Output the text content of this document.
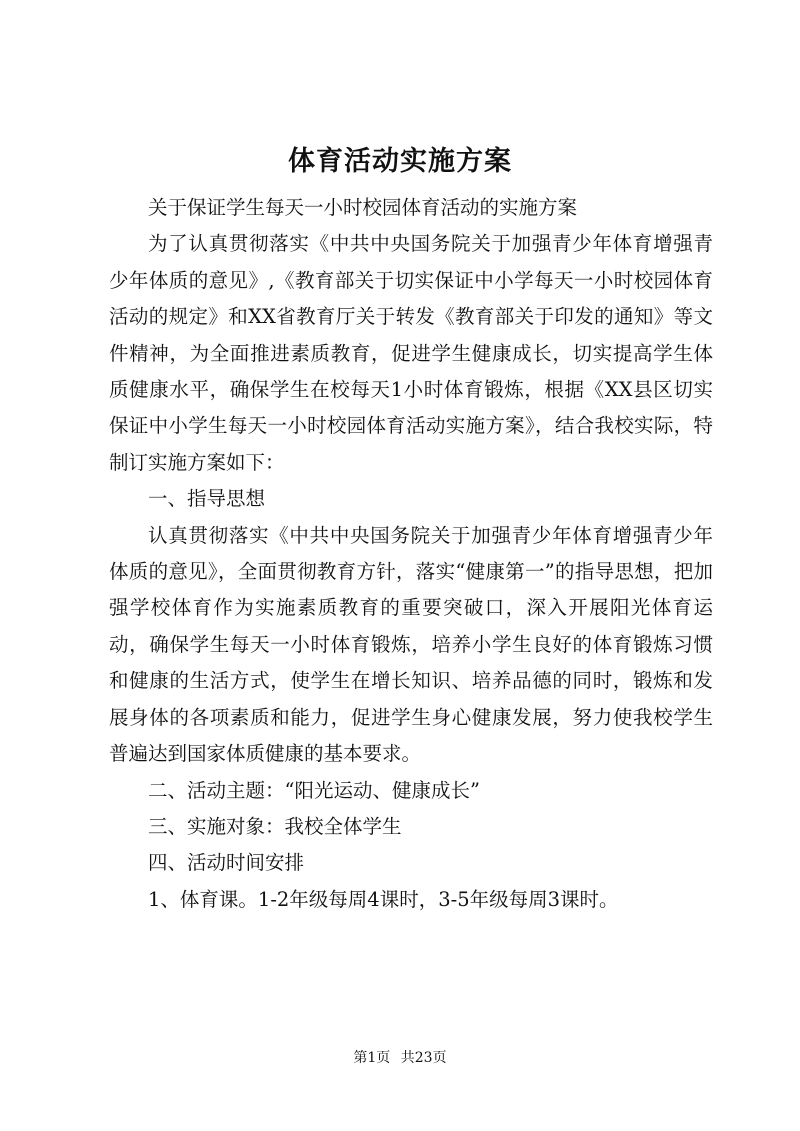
体育活动实施方案

关于保证学生每天一小时校园体育活动的实施方案

为了认真贯彻落实《中共中央国务院关于加强青少年体育增强青少年体质的意见》,《教育部关于切实保证中小学每天一小时校园体育活动的规定》和XX省教育厅关于转发《教育部关于印发的通知》等文件精神，为全面推进素质教育，促进学生健康成长，切实提高学生体质健康水平，确保学生在校每天1小时体育锻炼，根据《XX县区切实保证中小学生每天一小时校园体育活动实施方案》，结合我校实际，特制订实施方案如下：

一、指导思想

认真贯彻落实《中共中央国务院关于加强青少年体育增强青少年体质的意见》，全面贯彻教育方针，落实“健康第一”的指导思想，把加强学校体育作为实施素质教育的重要突破口，深入开展阳光体育运动，确保学生每天一小时体育锻炼，培养小学生良好的体育锻炼习惯和健康的生活方式，使学生在增长知识、培养品德的同时，锻炼和发展身体的各项素质和能力，促进学生身心健康发展，努力使我校学生普遍达到国家体质健康的基本要求。

二、活动主题：“阳光运动、健康成长”

三、实施对象：我校全体学生

四、活动时间安排

1、体育课。1-2年级每周4课时，3-5年级每周3课时。

第1页 共23页
